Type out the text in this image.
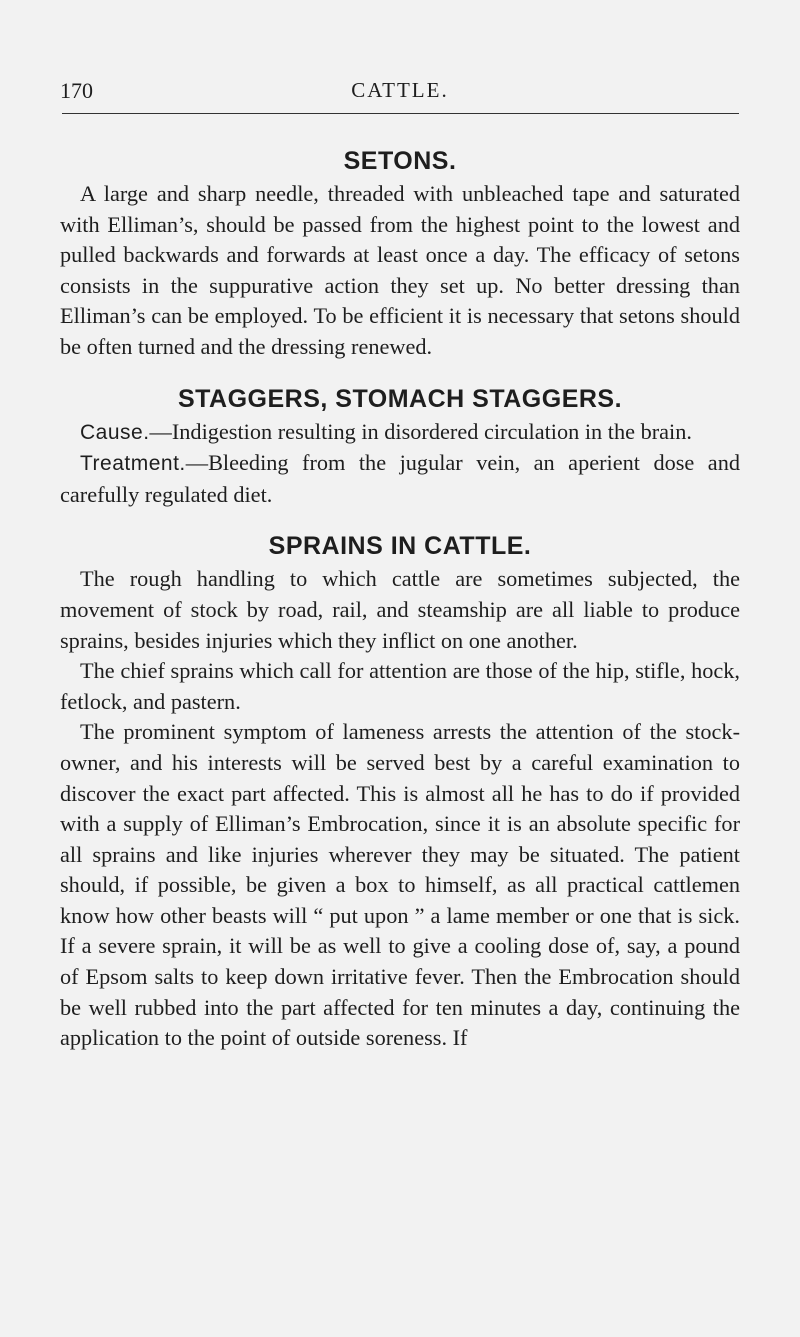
170	CATTLE.
SETONS.

A large and sharp needle, threaded with unbleached tape and saturated with Elliman’s, should be passed from the highest point to the lowest and pulled backwards and forwards at least once a day. The efficacy of setons consists in the suppurative action they set up. No better dressing than Elliman’s can be employed. To be efficient it is necessary that setons should be often turned and the dressing renewed.

STAGGERS, STOMACH STAGGERS.

Cause.—Indigestion resulting in disordered circulation in the brain.

Treatment.—Bleeding from the jugular vein, an aperient dose and carefully regulated diet.

SPRAINS IN CATTLE.

The rough handling to which cattle are sometimes subjected, the movement of stock by road, rail, and steamship are all liable to produce sprains, besides injuries which they inflict on one another.

The chief sprains which call for attention are those of the hip, stifle, hock, fetlock, and pastern.

The prominent symptom of lameness arrests the attention of the stock-owner, and his interests will be served best by a careful examination to discover the exact part affected. This is almost all he has to do if provided with a supply of Elliman’s Embrocation, since it is an absolute specific for all sprains and like injuries wherever they may be situated. The patient should, if possible, be given a box to himself, as all practical cattlemen know how other beasts will “ put upon ” a lame member or one that is sick. If a severe sprain, it will be as well to give a cooling dose of, say, a pound of Epsom salts to keep down irritative fever. Then the Embrocation should be well rubbed into the part affected for ten minutes a day, continuing the application to the point of outside soreness. If
